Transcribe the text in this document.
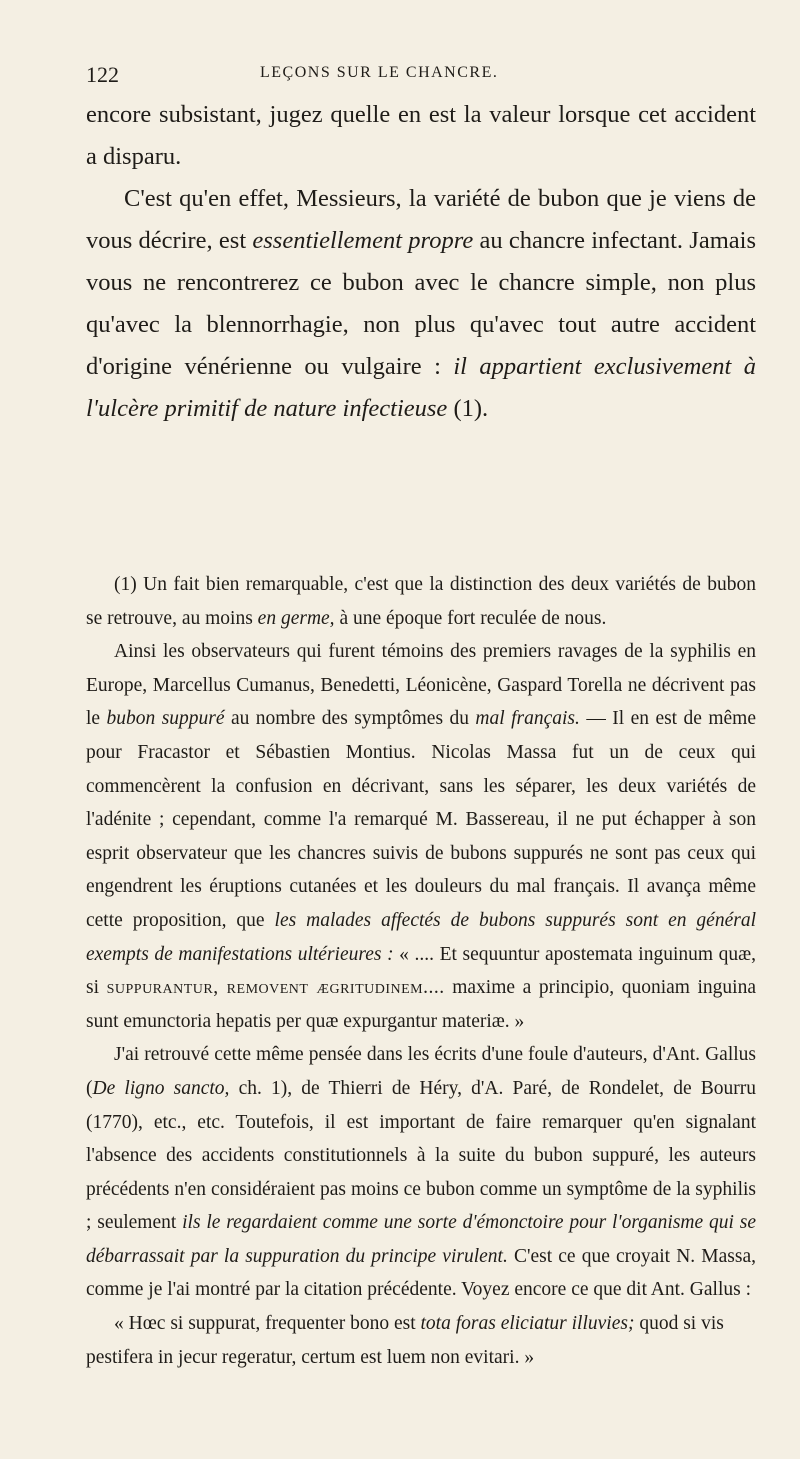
122	LEÇONS SUR LE CHANCRE.

encore subsistant, jugez quelle en est la valeur lorsque cet accident a disparu.

C'est qu'en effet, Messieurs, la variété de bubon que je viens de vous décrire, est essentiellement propre au chancre infectant. Jamais vous ne rencontrerez ce bubon avec le chancre simple, non plus qu'avec la blennorrhagie, non plus qu'avec tout autre accident d'origine vénérienne ou vulgaire : il appartient exclusivement à l'ulcère primitif de nature infectieuse (1).

(1) Un fait bien remarquable, c'est que la distinction des deux variétés de bubon se retrouve, au moins en germe, à une époque fort reculée de nous.

Ainsi les observateurs qui furent témoins des premiers ravages de la syphilis en Europe, Marcellus Cumanus, Benedetti, Léonicène, Gaspard Torella ne décrivent pas le bubon suppuré au nombre des symptômes du mal français. — Il en est de même pour Fracastor et Sébastien Montius. Nicolas Massa fut un de ceux qui commencèrent la confusion en décrivant, sans les séparer, les deux variétés de l'adénite ; cependant, comme l'a remarqué M. Bassereau, il ne put échapper à son esprit observateur que les chancres suivis de bubons suppurés ne sont pas ceux qui engendrent les éruptions cutanées et les douleurs du mal français. Il avança même cette proposition, que les malades affectés de bubons suppurés sont en général exempts de manifestations ultérieures : « .... Et sequuntur apostemata inguinum quæ, si suppurantur, removent ægritudinem.... maxime a principio, quoniam inguina sunt emunctoria hepatis per quæ expurgantur materiæ. »

J'ai retrouvé cette même pensée dans les écrits d'une foule d'auteurs, d'Ant. Gallus (De ligno sancto, ch. 1), de Thierri de Héry, d'A. Paré, de Rondelet, de Bourru (1770), etc., etc. Toutefois, il est important de faire remarquer qu'en signalant l'absence des accidents constitutionnels à la suite du bubon suppuré, les auteurs précédents n'en considéraient pas moins ce bubon comme un symptôme de la syphilis ; seulement ils le regardaient comme une sorte d'émonctoire pour l'organisme qui se débarrassait par la suppuration du principe virulent. C'est ce que croyait N. Massa, comme je l'ai montré par la citation précédente. Voyez encore ce que dit Ant. Gallus :

« Hœc si suppurat, frequenter bono est tota foras eliciatur illuvies; quod si vis pestifera in jecur regeratur, certum est luem non evitari. »
